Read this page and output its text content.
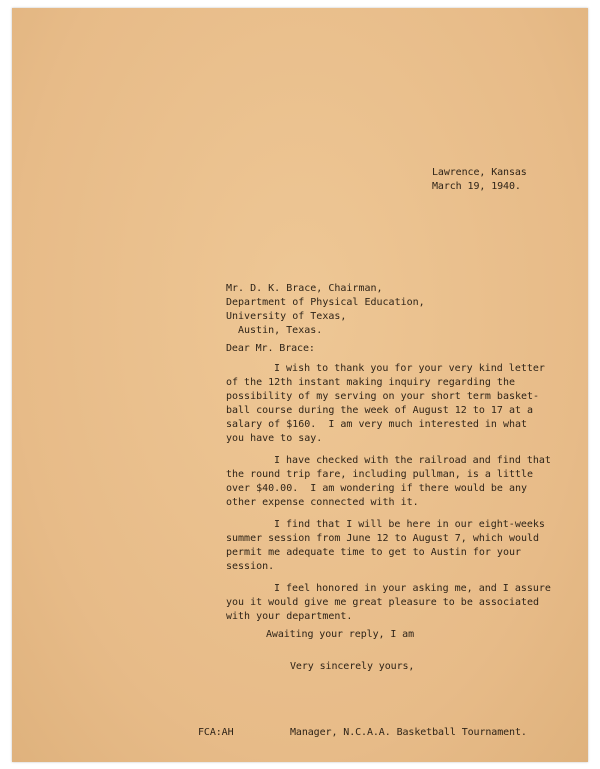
Lawrence, Kansas
March 19, 1940.
Mr. D. K. Brace, Chairman,
Department of Physical Education,
University of Texas,
Austin, Texas.
Dear Mr. Brace:
I wish to thank you for your very kind letter
of the 12th instant making inquiry regarding the
possibility of my serving on your short term basket-
ball course during the week of August 12 to 17 at a
salary of $160.  I am very much interested in what
you have to say.
I have checked with the railroad and find that
the round trip fare, including pullman, is a little
over $40.00.  I am wondering if there would be any
other expense connected with it.
I find that I will be here in our eight-weeks
summer session from June 12 to August 7, which would
permit me adequate time to get to Austin for your
session.
I feel honored in your asking me, and I assure
you it would give me great pleasure to be associated
with your department.
Awaiting your reply, I am
Very sincerely yours,
FCA:AH	Manager, N.C.A.A. Basketball Tournament.
